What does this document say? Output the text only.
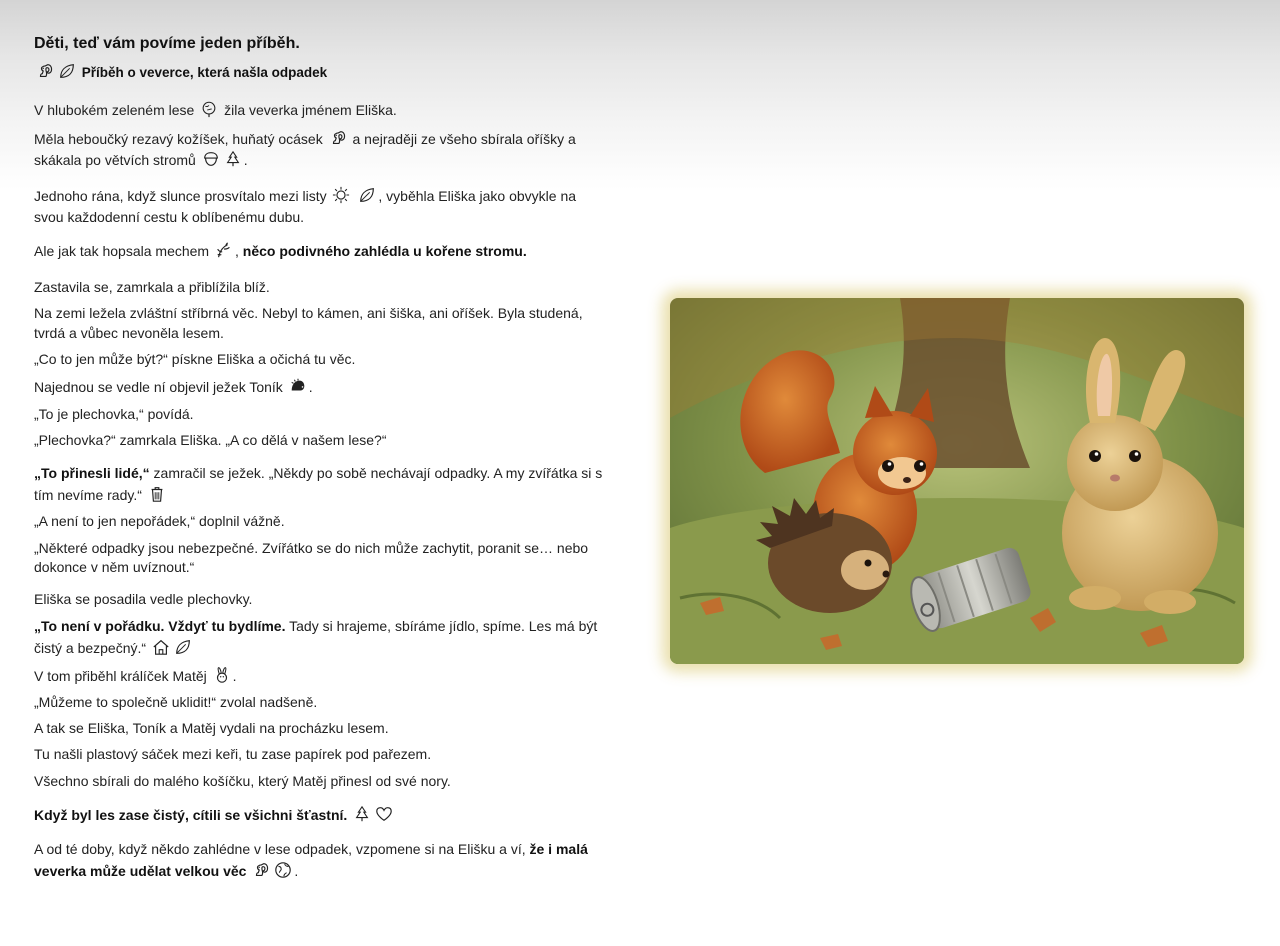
Děti, teď vám povíme jeden příběh.
Příběh o veverce, která našla odpadek
V hlubokém zeleném lese žila veverka jménem Eliška.
Měla heboučký rezavý kožíšek, huňatý ocásek a nejraději ze všeho sbírala oříšky a
skákala po větvích stromů	.
Jednoho rána, když slunce prosvítalo mezi listy
	, vyběhla Eliška jako obvykle na
svou každodenní cestu k oblíbenému dubu.
Ale jak tak hopsala mechem , něco podivného zahlédla u kořene stromu.
Zastavila se, zamrkala a přiblížila blíž.
Na zemi ležela zvláštní stříbrná věc. Nebyl to kámen, ani šiška, ani oříšek. Byla studená,
tvrdá a vůbec nevoněla lesem.
„Co to jen může být?“ pískne Eliška a očichá tu věc.
Najednou se vedle ní objevil ježek Toník .
„To je plechovka,“ povídá.
„Plechovka?“ zamrkala Eliška. „A co dělá v našem lese?“
„To přinesli lidé,“ zamračil se ježek. „Někdy po sobě nechávají odpadky. A my zvířátka si s
tím nevíme rady.“
„A není to jen nepořádek,“ doplnil vážně.
„Některé odpadky jsou nebezpečné. Zvířátko se do nich může zachytit, poranit se… nebo
dokonce v něm uvíznout.“
Eliška se posadila vedle plechovky.
„To není v pořádku. Vždyť tu bydlíme. Tady si hrajeme, sbíráme jídlo, spíme. Les má být
čistý a bezpečný.“
V tom přiběhl králíček Matěj .
„Můžeme to společně uklidit!“ zvolal nadšeně.
A tak se Eliška, Toník a Matěj vydali na procházku lesem.
Tu našli plastový sáček mezi keři, tu zase papírek pod pařezem.
Všechno sbírali do malého košíčku, který Matěj přinesl od své nory.
Když byl les zase čistý, cítili se všichni šťastní.
A od té doby, když někdo zahlédne v lese odpadek, vzpomene si na Elišku a ví, že i malá
veverka může udělat velkou věc	.
